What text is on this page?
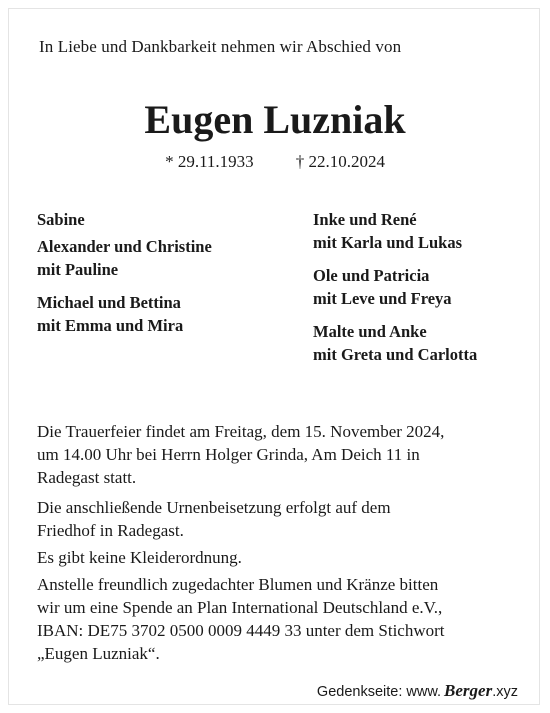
In Liebe und Dankbarkeit nehmen wir Abschied von
Eugen Luzniak
* 29.11.1933 † 22.10.2024
Sabine
Alexander und Christine
mit Pauline
Michael und Bettina
mit Emma und Mira
Inke und René
mit Karla und Lukas
Ole und Patricia
mit Leve und Freya
Malte und Anke
mit Greta und Carlotta
Die Trauerfeier findet am Freitag, dem 15. November 2024,
um 14.00 Uhr bei Herrn Holger Grinda, Am Deich 11 in
Radegast statt.
Die anschließende Urnenbeisetzung erfolgt auf dem
Friedhof in Radegast.
Es gibt keine Kleiderordnung.
Anstelle freundlich zugedachter Blumen und Kränze bitten
wir um eine Spende an Plan International Deutschland e.V.,
IBAN: DE75 3702 0500 0009 4449 33 unter dem Stichwort
„Eugen Luzniak“.
Gedenkseite: www. Berger .xyz
